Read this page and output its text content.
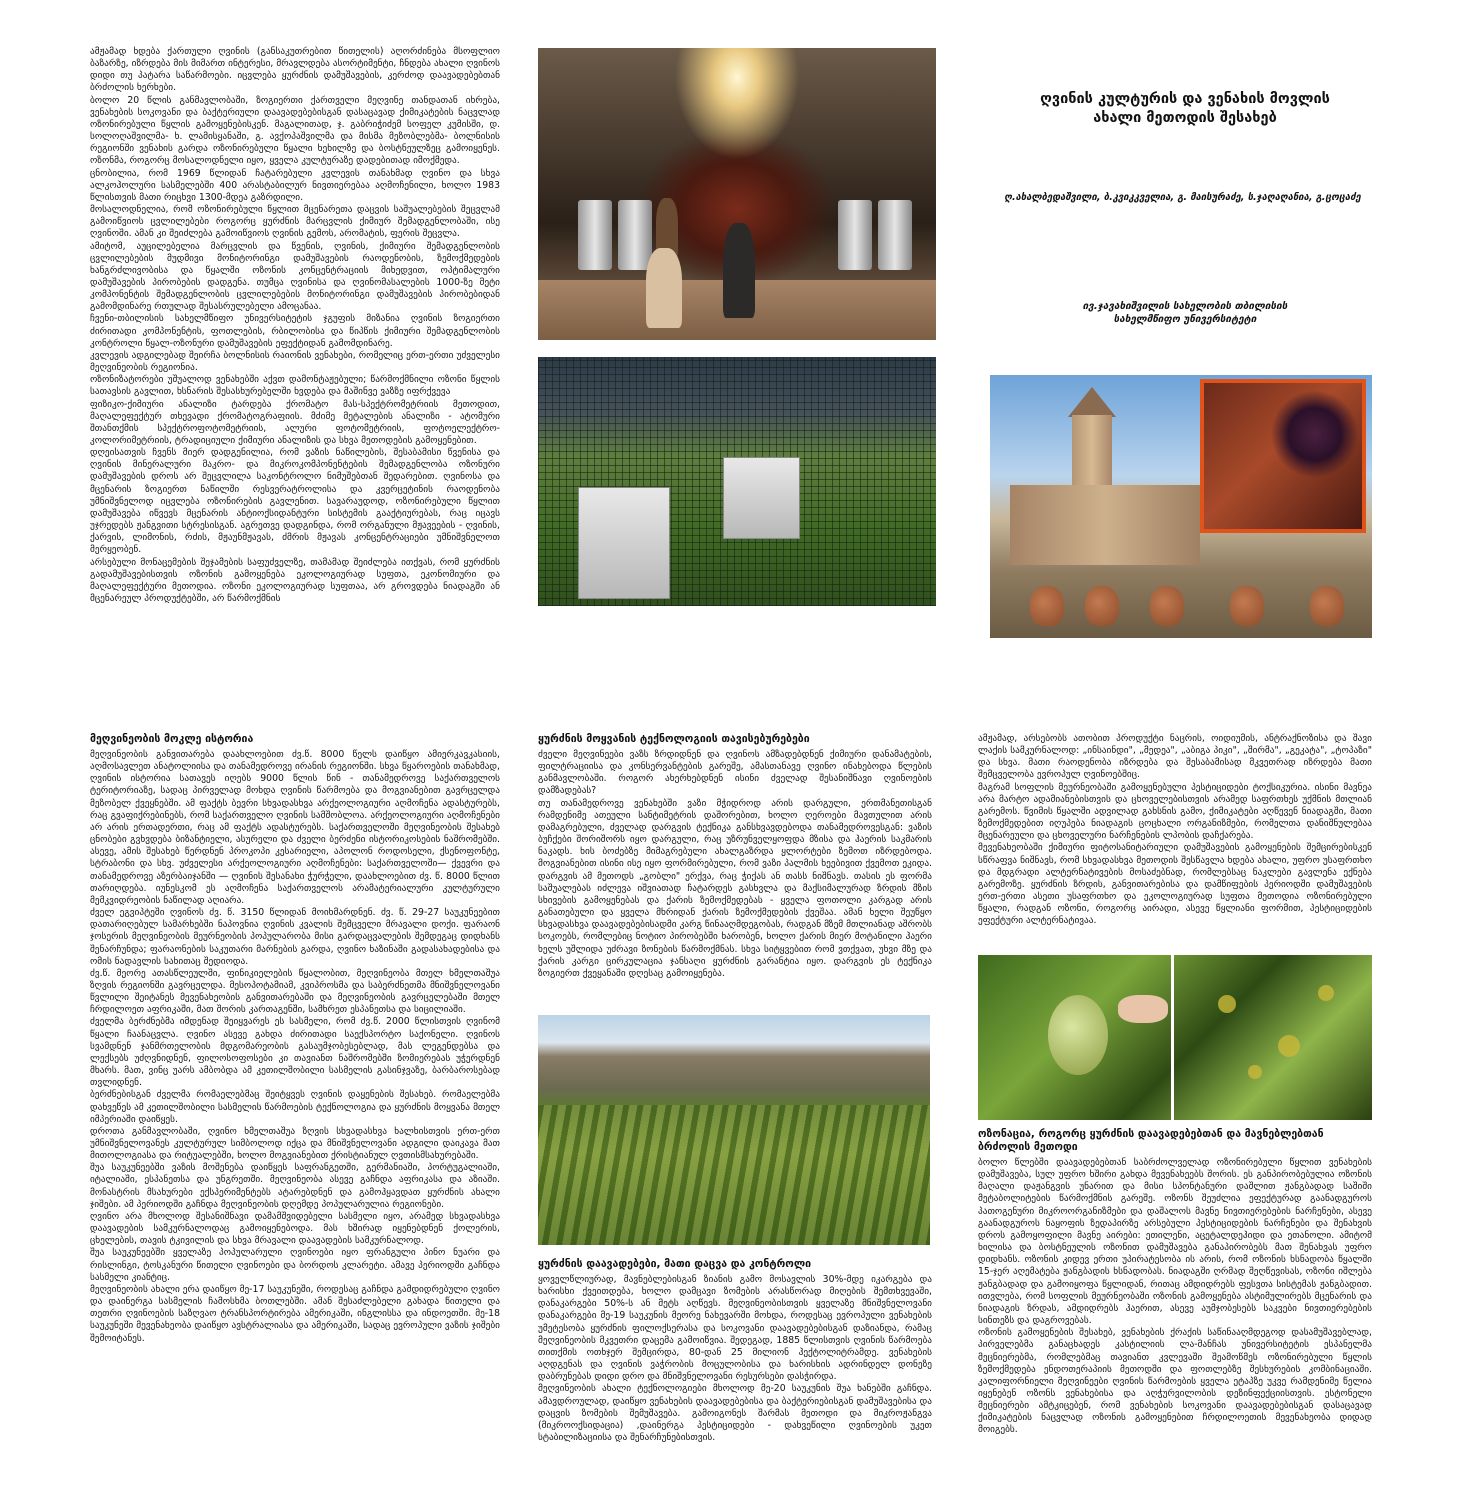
ამჟამად ხდება ქართული ღვინის (განსაკუთრებით წითელის) აღორძინება მსოფლიო ბაზარზე, იზრდება მის მიმართ ინტერესი, მრავლდება ასორტიმენტი, ჩნდება ახალი ღვინოს დიდი თუ პატარა საწარმოები. იცვლება ყურძნის დამუშავების, კერძოდ დაავადებებთან ბრძოლის ხერხები.

ბოლო 20 წლის განმავლობაში, ზოგიერთი ქართველი მეღვინე თანდათან იხრება, ვენახების სოკოვანი და ბაქტერიული დაავადებებისგან დასაცავად ქიმიკატების ნაცვლად ოზონირებული წყლის გამოყენებისკენ. მაგალითად, ჯ. გაბრიჭიძემ სოფელ კუმისში, დ. სოლოღაშვილმა- ხ. ლამისყანაში, გ. ავქოპაშვილმა და მისმა მეზობლებმა- ბოლნისის რეგიონში ვენახის გარდა ოზონირებული წყალი ხეხილზე და ბოსტნეულზეც გამოიყენეს. ოზონმა, როგორც მოსალოდნელი იყო, ყველა კულტურაზე დადებითად იმოქმედა.

ცნობილია, რომ 1969 წლიდან ჩატარებული კვლევის თანახმად ღვინო და სხვა ალკოჰოლური სასმელებში 400 არასტაბილურ ნივთიერებაა აღმოჩენილი, ხოლო 1983 წლისთვის მათი რიცხვი 1300-მდეა გაზრდილი.

მოსალოდნელია, რომ ოზონირებული წყლით მცენარეთა დაცვის საშუალებების შეცვლამ გამოიწვიოს ცვლილებები როგორც ყურძნის მარცვლის ქიმიურ შემადგენლობაში, ისე ღვინოში. ამან კი შეიძლება გამოიწვიოს ღვინის გემოს, არომატის, ფერის შეცვლა.

ამიტომ, აუცილებელია მარცვლის და წვენის, ღვინის, ქიმიური შემადგენლობის ცვლილებების მუდმივი მონიტორინგი დამუშავების რაოდენობის, ზემოქმედების ხანგრძლივობისა და წყალში ოზონის კონცენტრაციის მიხედვით, ოპტიმალური დამუშავების პირობების დადგენა. თუმცა ღვინისა და ღვინომასალების 1000-ზე მეტი კომპონენტის შემადგენლობის ცვლილებების მონიტორინგი დამუშავების პირობებიდან გამომდინარე რთულად შესასრულებელი ამოცანაა.

ჩვენი-თბილისის სახელმწიფო უნივერსიტეტის ჯგუფის მიზანია ღვინის ზოგიერთი ძირითადი კომპონენტის, ფოთლების, რბილობისა და წიპწის ქიმიური შემადგენლობის კონტროლი წყალ-ოზონური დამუშავების ეფექტიდან გამომდინარე.

კვლევის ადგილებად შეირჩა ბოლნისის რაიონის ვენახები, რომელიც ერთ-ერთი უძველესი მეღვინეობის რეგიონია.

ოზონიზატორები უშუალოდ ვენახებში აქვთ დამონტაჟებული; წარმოქმნილი ოზონი წყლის სათავსის გავლით, ხსნარის შესასხურებელში ხვდება და მაშინვე ვაზზე იფრქვევა

ფიზიკო-ქიმიური ანალიზი ტარდება ქრომატო მას-სპექტრომეტრიის მეთოდით, მაღალეფექტურ თხევადი ქრომატოგრაფიის. მძიმე მეტალების ანალიზი - ატომური შთანთქმის სპექტროფოტომეტრიის, ალური ფოტომეტრიის, ფოტოელექტრო-კოლორიმეტრიის, ტრადიციული ქიმიური ანალიზის და სხვა მეთოდების გამოყენებით.

დღეისათვის ჩვენს მიერ დადგენილია, რომ ვაზის ნაწილების, შესაბამისი წვენისა და ღვინის მინერალური მაკრო- და მიკროკომპონენტების შემადგენლობა ოზონური დამუშავების დროს არ შეცვლილა საკონტროლო ნიმუშებთან შედარებით. ღვინოსა და მცენარის ზოგიერთ ნაწილში რესვერატროლისა და კვერცეტინის რაოდენობა უმნიშვნელოდ იცვლება ოზონირების გავლენით. სავარაუდოდ, ოზონირებული წყლით დამუშავება იწვევს მცენარის ანტიოქსიდანტური სისტემის გააქტიურებას, რაც იცავს უჯრედებს ჟანგვითი სტრესისგან. აგრეთვე დადგინდა, რომ ორგანული მჟავეების - ღვინის, ქარვის, ლიმონის, რძის, მჟაუნმჟავას, ძმრის მჟავას კონცენტრაციები უმნიშვნელოთ მერყეობენ.

არსებული მონაცემების შეჯამების საფუძველზე, თამამად შეიძლება ითქვას, რომ ყურძნის გადამუშავებისთვის ოზონის გამოყენება ეკოლოგიურად სუფთა, ეკონომიური და მაღალეფექტური მეთოდია. ოზონი ეკოლოგიურად სუფთაა, არ გროვდება ნიადაგში ან მცენარეულ პროდუქტებში, არ წარმოქმნის

ღვინის კულტურის და ვენახის მოვლის
ახალი მეთოდის შესახებ
ღ.ახალბედაშვილი, ბ.კვიკკველია, გ. მაისურაძე, ს.ჯაღაღანია, გ.ცოცაძე
ივ.ჯავახიშვილის სახელობის თბილისის
სახელმწიფო უნივერსიტეტი
მეღვინეობის მოკლე ისტორია

მეღვინეობის განვითარება დაახლოებით ძვ.წ. 8000 წელს დაიწყო ამიერკავკასიის, აღმოსავლეთ ანატოლიისა და თანამედროვე ირანის რეგიონში. სხვა წყაროების თანახმად, ღვინის ისტორია სათავეს იღებს 9000 წლის წინ - თანამედროვე საქართველოს ტერიტორიაზე, სადაც პირველად მოხდა ღვინის წარმოება და მოგვიანებით გავრცელდა მეზობელ ქვეყნებში. ამ ფაქტს ბევრი სხვადასხვა არქეოლოგიური აღმოჩენა ადასტურებს, რაც გვაფიქრებინებს, რომ საქართველო ღვინის სამშობლოა. არქეოლოგიური აღმოჩენები არ არის ერთადერთი, რაც ამ ფაქტს ადასტურებს. საქართველოში მეღვინეობის შესახებ ცნობები გვხვდება ბიზანტიელი, ასურელი და ძველი ბერძენი ისტორიკოსების ნაშრომებში. ასევე, ამის შესახებ წერდნენ პროკოპი კესარიელი, აპოლონ როდოსელი, ქსენოფონტე, სტრაბონი და სხვ. უძველესი არქეოლოგიური აღმოჩენები: საქართველოში— ქვევრი და თანამედროვე აზერბაიჯანში — ღვინის შესანახი ჭურჭელი, დაახლოებით ძვ. წ. 8000 წლით თარიღდება. იუნესკომ ეს აღმოჩენა საქართველოს არამატერიალური კულტურული მემკვიდრეობის ნაწილად აღიარა.

ძველ ეგვიპტეში ღვინოს ძვ. წ. 3150 წლიდან მოიხმარდნენ. ძვ. წ. 29-27 საუკუნეებით დათარიღებულ სამარხებში ნაპოვნია ღვინის კვალის შემცველი მრავალი დოქი. ფარაონ ჯოსერის მეღვინეობის მეურნეობის პოპულარობა მისი გარდაცვალების შემდეგაც დიდხანს შენარჩუნდა; ფარაონების საკუთარი მარნების გარდა, ღვინო ხაზინაში გადასახადებისა და ომის ნადავლის სახითაც შედიოდა.

ძვ.წ. მეორე ათასწლეულში, ფინიკიელების წყალობით, მეღვინეობა მთელ ხმელთაშუა ზღვის რეგიონში გავრცელდა. მესოპოტამიამ, კვიპროსმა და საბერძნეთმა მნიშვნელოვანი წვლილი შეიტანეს მევენახეობის განვითარებაში და მეღვინეობის გავრცელებაში მთელ ჩრდილოეთ აფრიკაში, მათ შორის კართაგენში, სამხრეთ ესპანეთსა და სიცილიაში.

ძველმა ბერძნებმა იმდენად შეიყვარეს ეს სასმელი, რომ ძვ.წ. 2000 წლისთვის ღვინომ წყალი ჩაანაცვლა. ღვინო ასევე გახდა ძირითადი საექსპორტო საქონელი. ღვინოს სვამდნენ ჯანმრთელობის მდგომარეობის გასაუმჯობესებლად, მას ლეგენდებსა და ლექსებს უძღვნიდნენ, ფილოსოფოსები კი თავიანთ ნაშრომებში ზომიერებას უჭერდნენ მხარს. მათ, ვინც უარს ამბობდა ამ კეთილშობილი სასმელის გასინჯვაზე, ბარბაროსებად თვლიდნენ.

ბერძნებისგან ძველმა რომაელებმაც შეიტყვეს ღვინის დაყენების შესახებ. რომაელებმა დახვეწეს ამ კეთილშობილი სასმელის წარმოების ტექნოლოგია და ყურძნის მოყვანა მთელ იმპერიაში დაიწყეს.

დროთა განმავლობაში, ღვინო ხმელთაშუა ზღვის სხვადასხვა ხალხისთვის ერთ-ერთ უმნიშვნელოვანეს კულტურულ სიმბოლოდ იქცა და მნიშვნელოვანი ადგილი დაიკავა მათ მითოლოგიასა და რიტუალებში, ხოლო მოგვიანებით ქრისტიანულ ღვთისმსახურებაში.

შუა საუკუნეებში ვაზის მოშენება დაიწყეს საფრანგეთში, გერმანიაში, პორტუგალიაში, იტალიაში, ესპანეთსა და უნგრეთში. მეღვინეობა ასევე გაჩნდა აფრიკასა და აზიაში. მონასტრის მსახურები ექსპერიმენტებს ატარებდნენ და გამოჰყავდათ ყურძნის ახალი ჯიშები. ამ პერიოდში გაჩნდა მეღვინეობის დღემდე პოპულარულია რეგიონები.

ღვინო არა მხოლოდ შესანიშნავი დამამშვიდებელი სასმელი იყო, არამედ სხვადასხვა დაავადების სამკურნალოდაც გამოიყენებოდა. მას ხშირად იყენებდნენ ქოლერის, ცხელების, თავის ტკივილის და სხვა მრავალი დაავადების სამკურნალოდ.

შუა საუკუნეებში ყველაზე პოპულარული ღვინოები იყო ფრანგული პინო ნუარი და რისლინგი, ტოსკანური წითელი ღვინოები და ბორდოს კლარეტი. ამავე პერიოდში გაჩნდა სასმელი კიანტიც.

მეღვინეობის ახალი ერა დაიწყო მე-17 საუკუნეში, როდესაც გაჩნდა გამდიდრებული ღვინო და დაინერგა სასმელის ჩამოსხმა ბოთლებში. ამან შესაძლებელი გახადა წითელი და თეთრი ღვინოების საზღვაო ტრანსპორტირება ამერიკაში, ინგლისსა და ინდოეთში. მე-18 საუკუნეში მევენახეობა დაიწყო ავსტრალიასა და ამერიკაში, სადაც ევროპული ვაზის ჯიშები შემოიტანეს.

ყურძნის მოყვანის ტექნოლოგიის თავისებურებები

ძველი მეღვინეები ვაზს ზრდიდნენ და ღვინოს ამზადებდნენ ქიმიური დანამატების, ფილტრაციისა და კონსერვანტების გარეშე, ამასთანავე ღვინო ინახებოდა წლების განმავლობაში. როგორ ახერხებდნენ ისინი ძველად შესანიშნავი ღვინოების დამზადებას?

თუ თანამედროვე ვენახებში ვაზი მჭიდროდ არის დარგული, ერთმანეთისგან რამდენიმე ათეული სანტიმეტრის დაშორებით, ხოლო ღეროები მავთულით არის დამაგრებული, ძველად დარგვის ტექნიკა განსხვავდებოდა თანამედროვესგან: ვაზის ბუჩქები შორიშორს იყო დარგული, რაც უზრუნველყოფდა მზისა და ჰაერის საკმარის ნაკადს. ხის ბოძებზე მიმაგრებული ახალგაზრდა ყლორტები ზემოთ იზრდებოდა. მოგვიანებით ისინი ისე იყო ფორმირებული, რომ ვაზი პალმის ხეებივით ქვემოთ ეკიდა. დარგვის ამ მეთოდს „გობლი" ერქვა, რაც ჭიქას ან თასს ნიშნავს. თასის ეს ფორმა საშუალებას იძლევა იშვიათად ჩატარდეს გასხვლა და მაქსიმალურად ზრდის მზის სხივების გამოყენებას და ქარის ზემოქმედებას - ყველა ფოთოლი კარგად არის განათებული და ყველა მხრიდან ქარის ზემოქმედების ქვეშაა. ამან ხელი შეუწყო სხვადასხვა დაავადებებისადმი კარგ წინააღმდეგობას, რადგან მზემ მთლიანად აშრობს სოკოებს, რომლებიც ნოტიო პირობებში ხარობენ, ხოლო ქარის მიერ მოტანილი ჰაერი ხელს უშლიდა უძრავი ზონების წარმოქმნას. სხვა სიტყვებით რომ ვთქვათ, უხვი მზე და ქარის კარგი ცირკულაცია ჯანსაღი ყურძნის გარანტია იყო. დარგვის ეს ტექნიკა ზოგიერთ ქვეყანაში დღესაც გამოიყენება.

ყურძნის დაავადებები, მათი დაცვა და კონტროლი

ყოველწლიურად, მავნებლებისგან ზიანის გამო მოსავლის 30%-მდე იკარგება და ხარისხი ქვეითდება, ხოლო დამცავი ზომების არასწორად მიღების შემთხვევაში, დანაკარგები 50%-ს ან მეტს აღწევს. მეღვინეობისთვის ყველაზე მნიშვნელოვანი დანაკარგები მე-19 საუკუნის მეორე ნახევარში მოხდა, როდესაც ევროპული ვენახების უმეტესობა ყურძნის ფილოქსერასა და სოკოვანი დაავადებებისგან დაზიანდა, რამაც მეღვინეობის მკვეთრი დაცემა გამოიწვია. შედეგად, 1885 წლისთვის ღვინის წარმოება თითქმის ოთხჯერ შემცირდა, 80-დან 25 მილიონ ჰექტოლიტრამდე. ვენახების აღდგენას და ღვინის ვაჭრობის მოცულობისა და ხარისხის ადრინდელ დონეზე დაბრუნებას დიდი დრო და მნიშვნელოვანი რესურსები დასჭირდა.

მეღვინეობის ახალი ტექნოლოგიები მხოლოდ მე-20 საუკუნის შუა ხანებში გაჩნდა. ამავდროულად, დაიწყო ვენახების დაავადებებისა და ბაქტერიებისგან დამუშავებისა და დაცვის ზომების შემუშავება. გამოიგონეს შარმას მეთოდი და მიკროჟანგვა (მიკროოქსიდაცია) ,დაინერგა პესტიციდები - დახვეწილი ღვინოების უკეთ სტაბილიზაციისა და შენარჩუნებისთვის.

ამჟამად, არსებობს ათობით პროდუქტი ნაცრის, ოიდიუმის, ანტრაქნოზისა და შავი ლაქის სამკურნალოდ: „ინსაინდი", „მედეა", „აბიგა პიკი", „შირმა", „გეკატა", „ტოპაზი" და სხვა. მათი რაოდენობა იზრდება და შესაბამისად მკვეთრად იზრდება მათი შემცველობა ევროპულ ღვინოებშიც.

მაგრამ სოფლის მეურნეობაში გამოყენებული პესტიციდები ტოქსიკურია. ისინი მავნეა არა მარტო ადამიანებისთვის და ცხოველებისთვის არამედ საფრთხეს უქმნის მთლიან გარემოს. წვიმის წყალში ადვილად გახსნის გამო, ქიმიკატები აღწევენ ნიადაგში, მათი ზემოქმედებით იღუპება ნიადაგის ცოცხალი ორგანიზმები, რომელთა დანიშნულებაა მცენარეული და ცხოველური ნარჩენების ლპობის დაჩქარება.

მევენახეობაში ქიმიური ფიტოსანიტარიული დამუშავების გამოყენების შემცირებისკენ სწრაფვა ნიშნავს, რომ სხვადასხვა მეთოდის შესწავლა ხდება ახალი, უფრო უსაფრთხო და მდგრადი ალტერნატივების მოსაძებნად, რომლებსაც ნაკლები გავლენა ექნება გარემოზე. ყურძნის ზრდის, განვითარებისა და დამწიფების პერიოდში დამუშავების ერთ-ერთი ასეთი უსაფრთხო და ეკოლოგიურად სუფთა მეთოდია ოზონირებული წყალი, რადგან ოზონი, როგორც აირადი, ასევე წყლიანი ფორმით, პესტიციდების ეფექტური ალტერნატივაა.

ოზონაცია, როგორც ყურძნის დაავადებებთან და მავნებლებთან ბრძოლის მეთოდი

ბოლო წლებში დაავადებებთან საბრძოლველად ოზონირებული წყლით ვენახების დამუშავება, სულ უფრო ხშირი გახდა მევენახეებს შორის. ეს განპირობებულია ოზონის მაღალი დაჟანგვის უნარით და მისი სპონტანური დაშლით ჟანგბადად საშიში მეტაბოლიტების წარმოქმნის გარეშე. ოზონს შეუძლია ეფექტურად გაანადგუროს პათოგენური მიკროორგანიზმები და დაშალოს მავნე ნივთიერებების ნარჩენები, ასევე გაანადგუროს ნაყოფის ზედაპირზე არსებული პესტიციდების ნარჩენები და შენახვის დროს გამოყოფილი მავნე აირები: ეთილენი, აცეტალდეჰიდი და ეთანოლი. ამიტომ ხილისა და ბოსტნეულის ოზონით დამუშავება განაპირობებს მათ შენახვას უფრო დიდხანს. ოზონის კიდევ ერთი უპირატესობა ის არის, რომ ოზონის ხსნადობა წყალში 15-ჯერ აღემატება ჟანგბადის ხსნადობას. ნიადაგში ღრმად შეღწევისას, ოზონი იშლება ჟანგბადად და გამოიყოფა წყლიდან, რითაც ამდიდრებს ფესვთა სისტემას ჟანგბადით. ითვლება, რომ სოფლის მეურნეობაში ოზონის გამოყენება ასტიმულირებს მცენარის და ნიადაგის ზრდას, ამდიდრებს ჰაერით, ასევე აუმჯობესებს საკვები ნივთიერებების სინთეზს და დაგროვებას.

ოზონის გამოყენების შესახებ, ვენახების ქრაქის საწინააღმდეგოდ დასამუშავებლად, პირველებმა განაცხადეს კასტილიის ლა-მანჩას უნივერსიტეტის ესპანელმა მეცნიერებმა, რომლებმაც თავიანთ კვლევაში შეამოწმეს ოზონირებული წყლის ზემოქმედება ენდოთერაპიის მეთოდში და ფოთლებზე შესხურების კომბინაციაში. კალიფორნიელი მეღვინეები ღვინის წარმოების ყველა ეტაპზე უკვე რამდენიმე წელია იყენებენ ოზონს ვენახებისა და აღჭურვილობის დეზინფექციისთვის. ესტონელი მეცნიერები ამტკიცებენ, რომ ვენახების სოკოვანი დაავადებებისგან დასაცავად ქიმიკატების ნაცვლად ოზონის გამოყენებით ჩრდილოეთის მევენახეობა დიდად მოიგებს.
